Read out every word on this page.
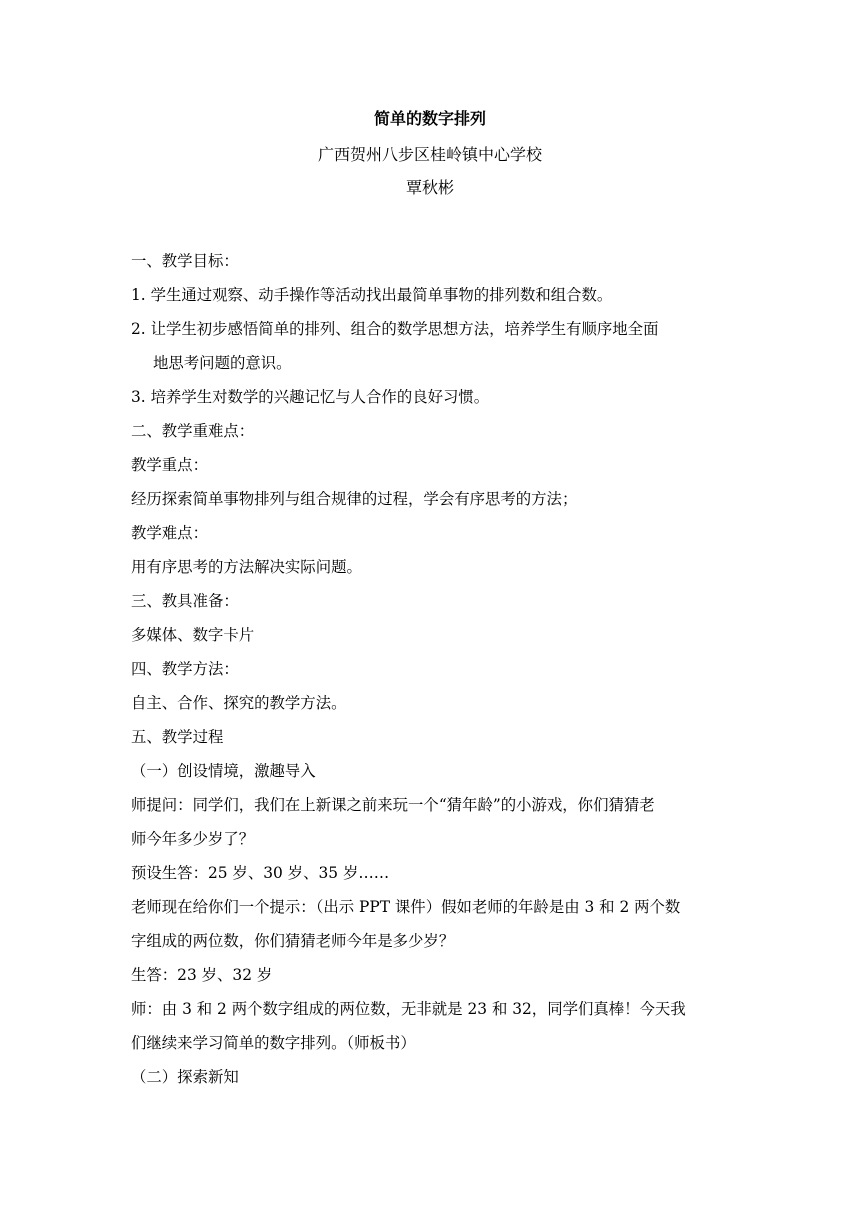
简单的数字排列
广西贺州八步区桂岭镇中心学校
覃秋彬
一、教学目标：
1. 学生通过观察、动手操作等活动找出最简单事物的排列数和组合数。
2. 让学生初步感悟简单的排列、组合的数学思想方法，培养学生有顺序地全面
地思考问题的意识。
3. 培养学生对数学的兴趣记忆与人合作的良好习惯。
二、教学重难点：
教学重点：
经历探索简单事物排列与组合规律的过程，学会有序思考的方法；
教学难点：
用有序思考的方法解决实际问题。
三、教具准备：
多媒体、数字卡片
四、教学方法：
自主、合作、探究的教学方法。
五、教学过程
（一）创设情境，激趣导入
师提问：同学们，我们在上新课之前来玩一个“猜年龄”的小游戏，你们猜猜老
师今年多少岁了？
预设生答：25 岁、30 岁、35 岁……
老师现在给你们一个提示：（出示 PPT 课件）假如老师的年龄是由 3 和 2 两个数
字组成的两位数，你们猜猜老师今年是多少岁？
生答：23 岁、32 岁
师：由 3 和 2 两个数字组成的两位数，无非就是 23 和 32，同学们真棒！今天我
们继续来学习简单的数字排列。（师板书）
（二）探索新知
